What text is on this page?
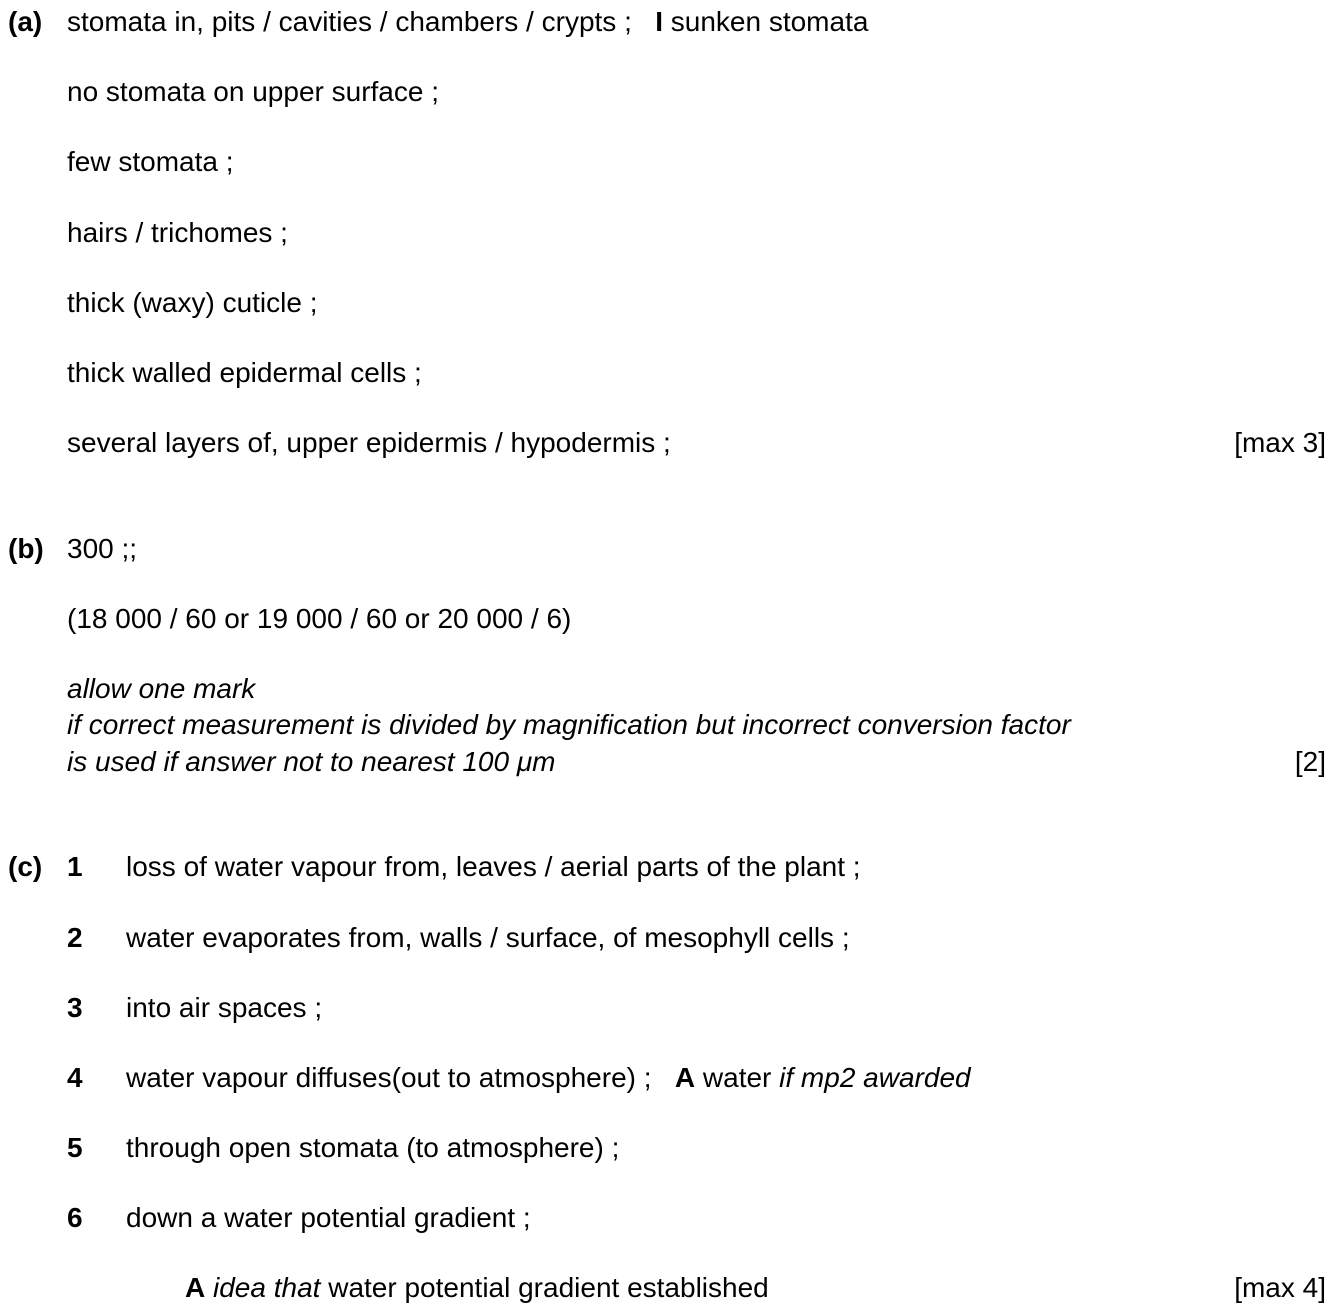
(a) stomata in, pits / cavities / chambers / crypts ; I sunken stomata
no stomata on upper surface ;
few stomata ;
hairs / trichomes ;
thick (waxy) cuticle ;
thick walled epidermal cells ;
several layers of, upper epidermis / hypodermis ;	[max 3]
(b) 300 ;;
(18 000 / 60 or 19 000 / 60 or 20 000 / 6)
allow one mark
if correct measurement is divided by magnification but incorrect conversion factor
is used if answer not to nearest 100 μm	[2]
(c) 1 loss of water vapour from, leaves / aerial parts of the plant ;
2 water evaporates from, walls / surface, of mesophyll cells ;
3 into air spaces ;
4 water vapour diffuses(out to atmosphere) ; A water if mp2 awarded
5 through open stomata (to atmosphere) ;
6 down a water potential gradient ;
A idea that water potential gradient established	[max 4]
